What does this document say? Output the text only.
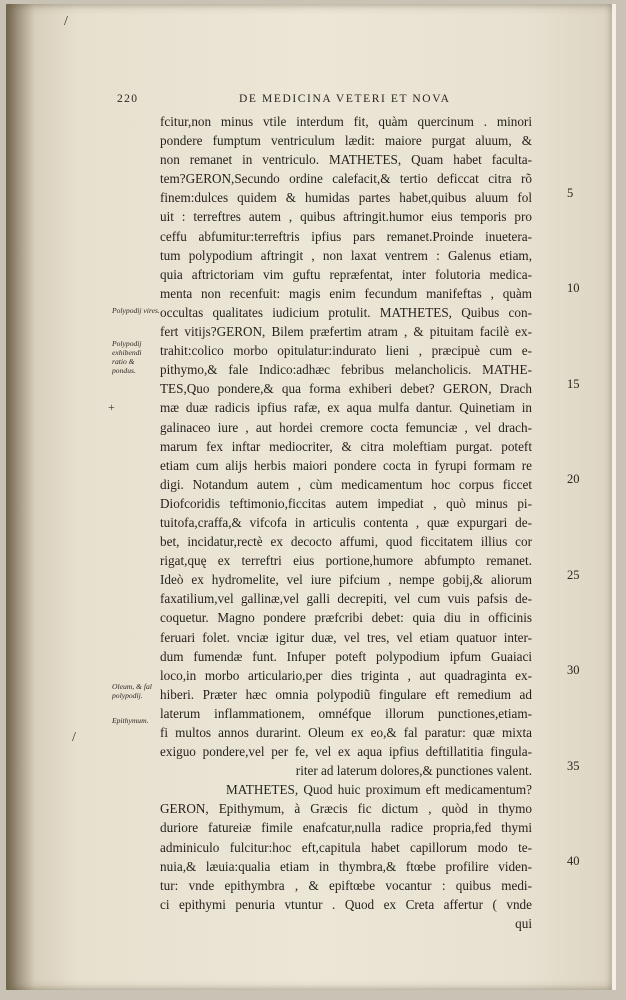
/
+
/
220	DE MEDICINA VETERI ET NOVA
fcitur,non minus vtile interdum fit, quàm quercinum . minori
pondere fumptum ventriculum lædit: maiore purgat aluum, &
non remanet in ventriculo. MATHETES, Quam habet faculta-
tem?GERON,Secundo ordine calefacit,& tertio deficcat citra rõ
finem:dulces quidem & humidas partes habet,quibus aluum fol
uit : terreftres autem , quibus aftringit.humor eius temporis pro
ceffu abfumitur:terreftris ipfius pars remanet.Proinde inuetera-
tum polypodium aftringit , non laxat ventrem : Galenus etiam,
quia aftrictoriam vim guftu repræfentat, inter folutoria medica-
menta non recenfuit: magis enim fecundum manifeftas , quàm
occultas qualitates iudicium protulit. MATHETES, Quibus con-
fert vitijs?GERON, Bilem præfertim atram , & pituitam facilè ex-
trahit:colico morbo opitulatur:indurato lieni , præcipuè cum e-
pithymo,& fale Indico:adhæc febribus melancholicis. MATHE-
TES,Quo pondere,& qua forma exhiberi debet? GERON, Drach
mæ duæ radicis ipfius rafæ, ex aqua mulfa dantur. Quinetiam in
galinaceo iure , aut hordei cremore cocta femunciæ , vel drach-
marum fex inftar mediocriter, & citra moleftiam purgat. poteft
etiam cum alijs herbis maiori pondere cocta in fyrupi formam re
digi. Notandum autem , cùm medicamentum hoc corpus ficcet
Diofcoridis teftimonio,ficcitas autem impediat , quò minus pi-
tuitofa,craffa,& vifcofa in articulis contenta , quæ expurgari de-
bet, incidatur,rectè ex decocto affumi, quod ficcitatem illius cor
rigat,quę ex terreftri eius portione,humore abfumpto remanet.
Ideò ex hydromelite, vel iure pifcium , nempe gobij,& aliorum
faxatilium,vel gallinæ,vel galli decrepiti, vel cum vuis pafsis de-
coquetur. Magno pondere præfcribi debet: quia diu in officinis
feruari folet. vnciæ igitur duæ, vel tres, vel etiam quatuor inter-
dum fumendæ funt. Infuper poteft polypodium ipfum Guaiaci
loco,in morbo articulario,per dies triginta , aut quadraginta ex-
hiberi. Præter hæc omnia polypodiũ fingulare eft remedium ad
laterum inflammationem, omnéfque illorum punctiones,etiam-
fi multos annos durarint. Oleum ex eo,& fal paratur: quæ mixta
exiguo pondere,vel per fe, vel ex aqua ipfius deftillatitia fingula-
riter ad laterum dolores,& punctiones valent.
MATHETES, Quod huic proximum eft medicamentum?
GERON, Epithymum, à Græcis fic dictum , quòd in thymo
duriore fatureiæ fimile enafcatur,nulla radice propria,fed thymi
adminiculo fulcitur:hoc eft,capitula habet capillorum modo te-
nuia,& læuia:qualia etiam in thymbra,& ftœbe profilire viden-
tur: vnde epithymbra , & epiftœbe vocantur : quibus medi-
ci epithymi penuria vtuntur . Quod ex Creta affertur ( vnde
qui
5
10
15
20
25
30
35
40
Polypodij vires.
Polypodij exhibendi ratio & pondus.
Oleum, & fal polypodij.
Epithymum.
